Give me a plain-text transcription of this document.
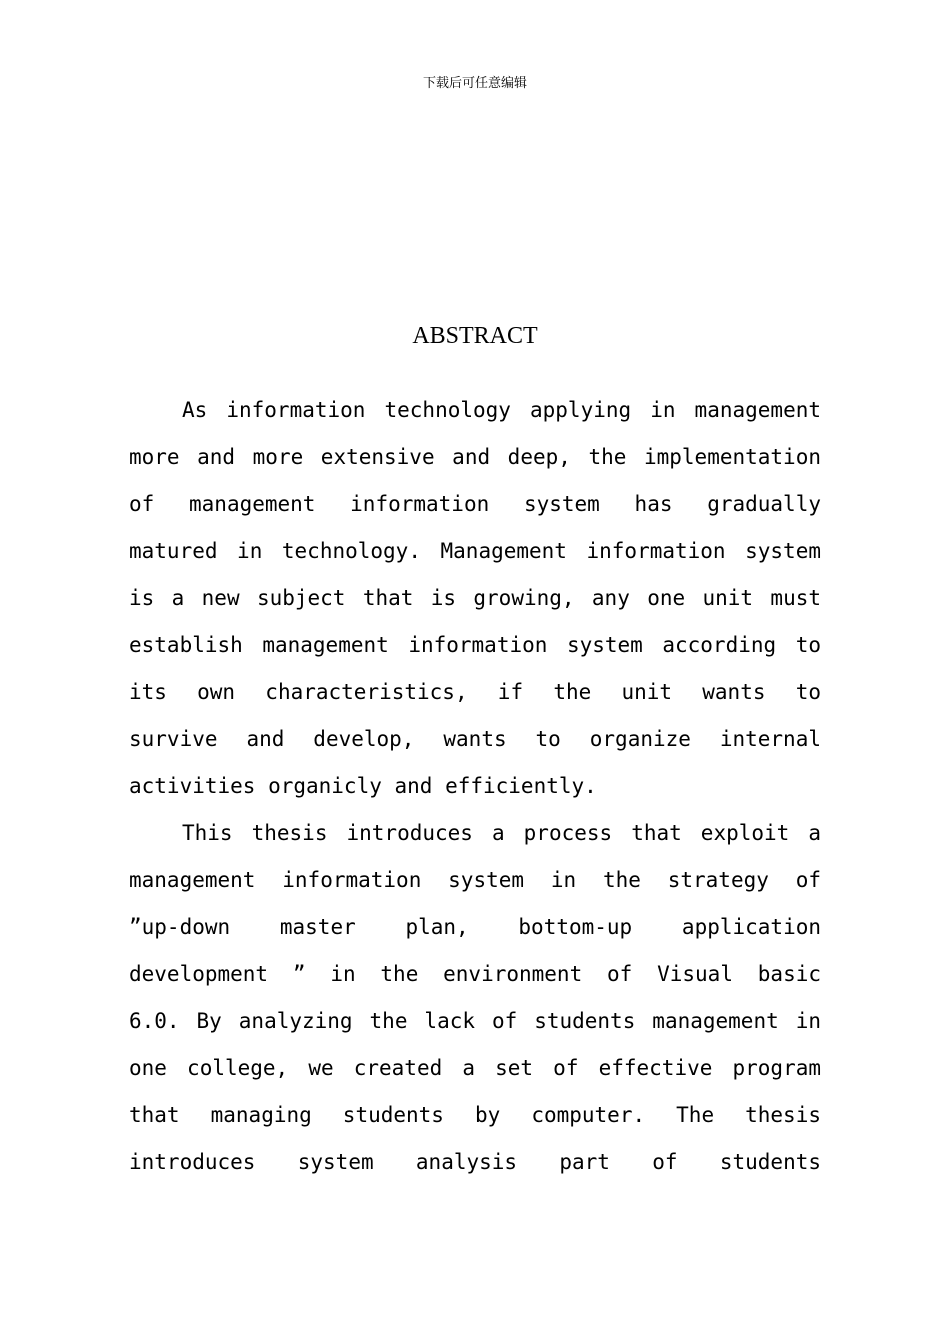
下载后可任意编辑
ABSTRACT
As information technology applying in management
more and more extensive and deep, the implementation
of management information system has gradually
matured in technology. Management information system
is a new subject that is growing, any one unit must
establish management information system according to
its own characteristics, if the unit wants to
survive and develop, wants to organize internal
activities organicly and efficiently.
This thesis introduces a process that exploit a
management information system in the strategy of
”up-down master plan, bottom-up application
development ” in the environment of Visual basic
6.0. By analyzing the lack of students management in
one college, we created a set of effective program
that managing students by computer. The thesis
introduces system analysis part of students
